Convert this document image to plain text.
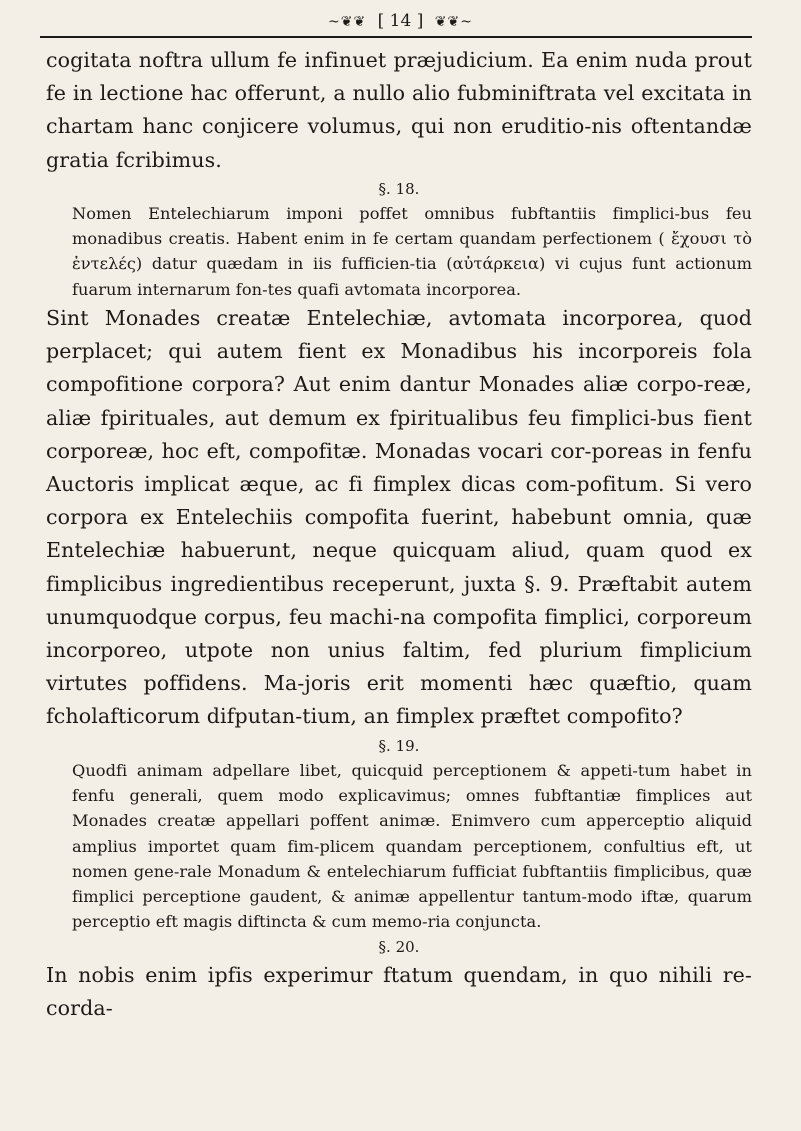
~❦❦ [ 14 ] ❦❦~

cogitata noftra ullum fe infinuet præjudicium. Ea enim nuda prout fe in lectione hac offerunt, a nullo alio fubminiftrata vel excitata in chartam hanc conjicere volumus, qui non eruditio-nis oftentandæ gratia fcribimus.

§. 18.

Nomen Entelechiarum imponi poffet omnibus fubftantiis fimplici-bus feu monadibus creatis. Habent enim in fe certam quandam perfectionem ( ἔχουσι τὸ ἐντελές) datur quædam in iis fufficien-tia (αὐτάρκεια) vi cujus funt actionum fuarum internarum fon-tes quafi avtomata incorporea.

Sint Monades creatæ Entelechiæ, avtomata incorporea, quod perplacet; qui autem fient ex Monadibus his incorporeis fola compofitione corpora? Aut enim dantur Monades aliæ corpo-reæ, aliæ fpirituales, aut demum ex fpiritualibus feu fimplici-bus fient corporeæ, hoc eft, compofitæ. Monadas vocari cor-poreas in fenfu Auctoris implicat æque, ac fi fimplex dicas com-pofitum. Si vero corpora ex Entelechiis compofita fuerint, habebunt omnia, quæ Entelechiæ habuerunt, neque quicquam aliud, quam quod ex fimplicibus ingredientibus receperunt, juxta §. 9. Præftabit autem unumquodque corpus, feu machi-na compofita fimplici, corporeum incorporeo, utpote non unius faltim, fed plurium fimplicium virtutes poffidens. Ma-joris erit momenti hæc quæftio, quam fcholafticorum difputan-tium, an fimplex præftet compofito?

§. 19.

Quodfi animam adpellare libet, quicquid perceptionem & appeti-tum habet in fenfu generali, quem modo explicavimus; omnes fubftantiæ fimplices aut Monades creatæ appellari poffent animæ. Enimvero cum apperceptio aliquid amplius importet quam fim-plicem quandam perceptionem, confultius eft, ut nomen gene-rale Monadum & entelechiarum fufficiat fubftantiis fimplicibus, quæ fimplici perceptione gaudent, & animæ appellentur tantum-modo iftæ, quarum perceptio eft magis diftincta & cum memo-ria conjuncta.

§. 20.

In nobis enim ipfis experimur ftatum quendam, in quo nihili re-corda-
